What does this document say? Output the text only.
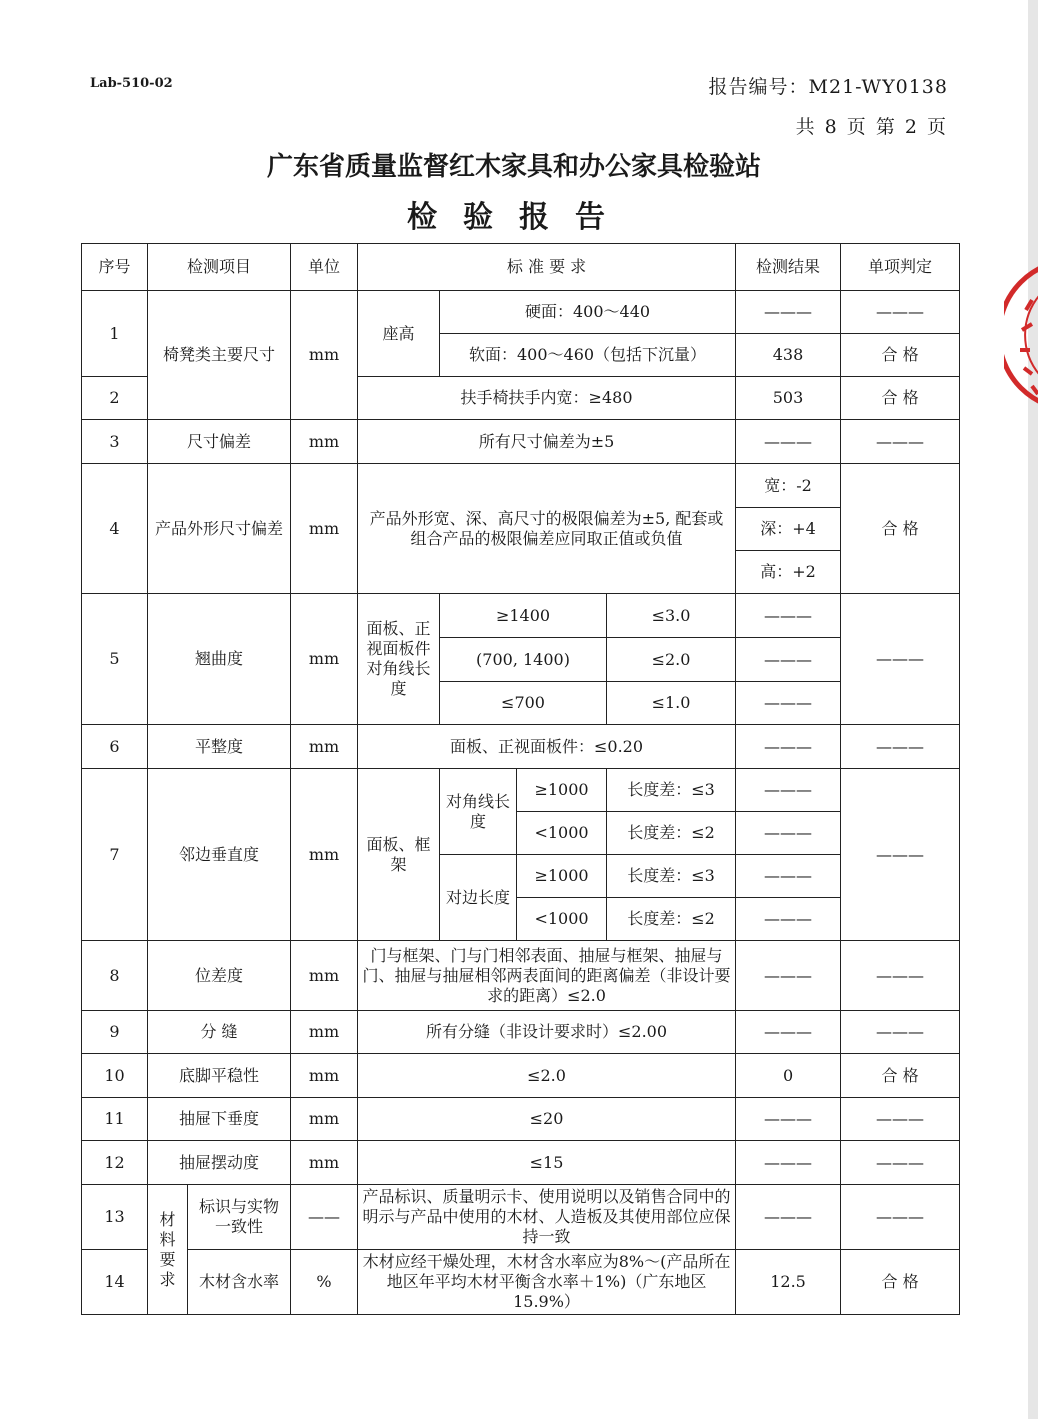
Lab-510-02	报告编号：M21-WY0138
共 8 页 第 2 页
广东省质量监督红木家具和办公家具检验站
检验报告
序号	检测项目		单位	标 准 要 求				检测结果	单项判定
1	椅凳类主要尺寸		mm	座高	硬面：400～440			———	———
					软面：400～460（包括下沉量）			438	合 格
2				扶手椅扶手内宽：≥480				503	合 格
3	尺寸偏差		mm	所有尺寸偏差为±5				———	———
4	产品外形尺寸偏差		mm	产品外形宽、深、高尺寸的极限偏差为±5, 配套或组合产品的极限偏差应同取正值或负值				宽：-2	合 格
								深：+4	
								高：+2	
5	翘曲度		mm	面板、正视面板件对角线长度	≥1400		≤3.0	———	———
					(700, 1400)		≤2.0	———	
					≤700		≤1.0	———	
6	平整度		mm	面板、正视面板件：≤0.20				———	———
7	邻边垂直度		mm	面板、框架	对角线长度	≥1000	长度差：≤3	———	———
						<1000	长度差：≤2	———	
					对边长度	≥1000	长度差：≤3	———	
						<1000	长度差：≤2	———	
8	位差度		mm	门与框架、门与门相邻表面、抽屉与框架、抽屉与门、抽屉与抽屉相邻两表面间的距离偏差（非设计要求的距离）≤2.0				———	———
9	分 缝		mm	所有分缝（非设计要求时）≤2.00				———	———
10	底脚平稳性		mm	≤2.0				0	合 格
11	抽屉下垂度		mm	≤20				———	———
12	抽屉摆动度		mm	≤15				———	———
13	材料要求	标识与实物一致性	——	产品标识、质量明示卡、使用说明以及销售合同中的明示与产品中使用的木材、人造板及其使用部位应保持一致				———	———
14		木材含水率	%	木材应经干燥处理，木材含水率应为8%～(产品所在地区年平均木材平衡含水率＋1%)（广东地区15.9%）				12.5	合 格
